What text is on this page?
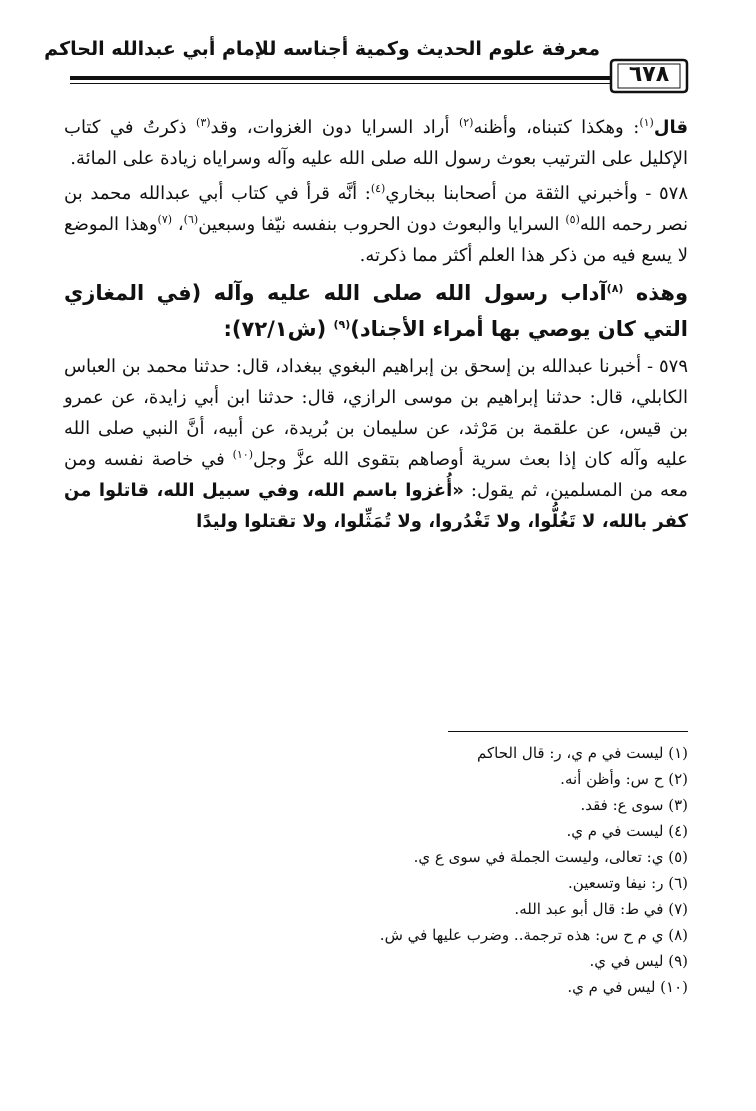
معرفة علوم الحديث وكمية أجناسه للإمام أبي عبدالله الحاكم
٦٧٨

قال$^{(١)}$: وهكذا كتبناه، وأظنه$^{(٢)}$ أراد السرايا دون الغزوات، وقد$^{(٣)}$ ذكرتُ في كتاب الإكليل على الترتيب بعوث رسول الله صلى الله عليه وآله وسراياه زيادة على المائة.

٥٧٨ - وأخبرني الثقة من أصحابنا ببخاري$^{(٤)}$: أنَّه قرأ في كتاب أبي عبدالله محمد بن نصر رحمه الله$^{(٥)}$ السرايا والبعوث دون الحروب بنفسه نيّفا وسبعين$^{(٦)}$، $^{(٧)}$وهذا الموضع لا يسع فيه من ذكر هذا العلم أكثر مما ذكرته.

وهذه $^{(٨)}$آداب رسول الله صلى الله عليه وآله (في المغازي التي كان يوصي بها أمراء الأجناد)$^{(٩)}$ (ش٧٢/١):

٥٧٩ - أخبرنا عبدالله بن إسحق بن إبراهيم البغوي ببغداد، قال: حدثنا محمد بن العباس الكابلي، قال: حدثنا إبراهيم بن موسى الرازي، قال: حدثنا ابن أبي زايدة، عن عمرو بن قيس، عن علقمة بن مَرْثد، عن سليمان بن بُريدة، عن أبيه، أنَّ النبي صلى الله عليه وآله كان إذا بعث سرية أوصاهم بتقوى الله عزَّ وجل$^{(١٠)}$ في خاصة نفسه ومن معه من المسلمين، ثم يقول: «أُغزوا باسم الله، وفي سبيل الله، قاتلوا من كفر بالله، لا تَغُلُّوا، ولا تَغْدُروا، ولا تُمَثِّلوا، ولا تقتلوا وليدًا

(١) ليست في م ي، ر: قال الحاكم
(٢) ح س: وأظن أنه.
(٣) سوى ع: فقد.
(٤) ليست في م ي.
(٥) ي: تعالى، وليست الجملة في سوى ع ي.
(٦) ر: نيفا وتسعين.
(٧) في ط: قال أبو عبد الله.
(٨) ي م ح س: هذه ترجمة.. وضرب عليها في ش.
(٩) ليس في ي.
(١٠) ليس في م ي.
